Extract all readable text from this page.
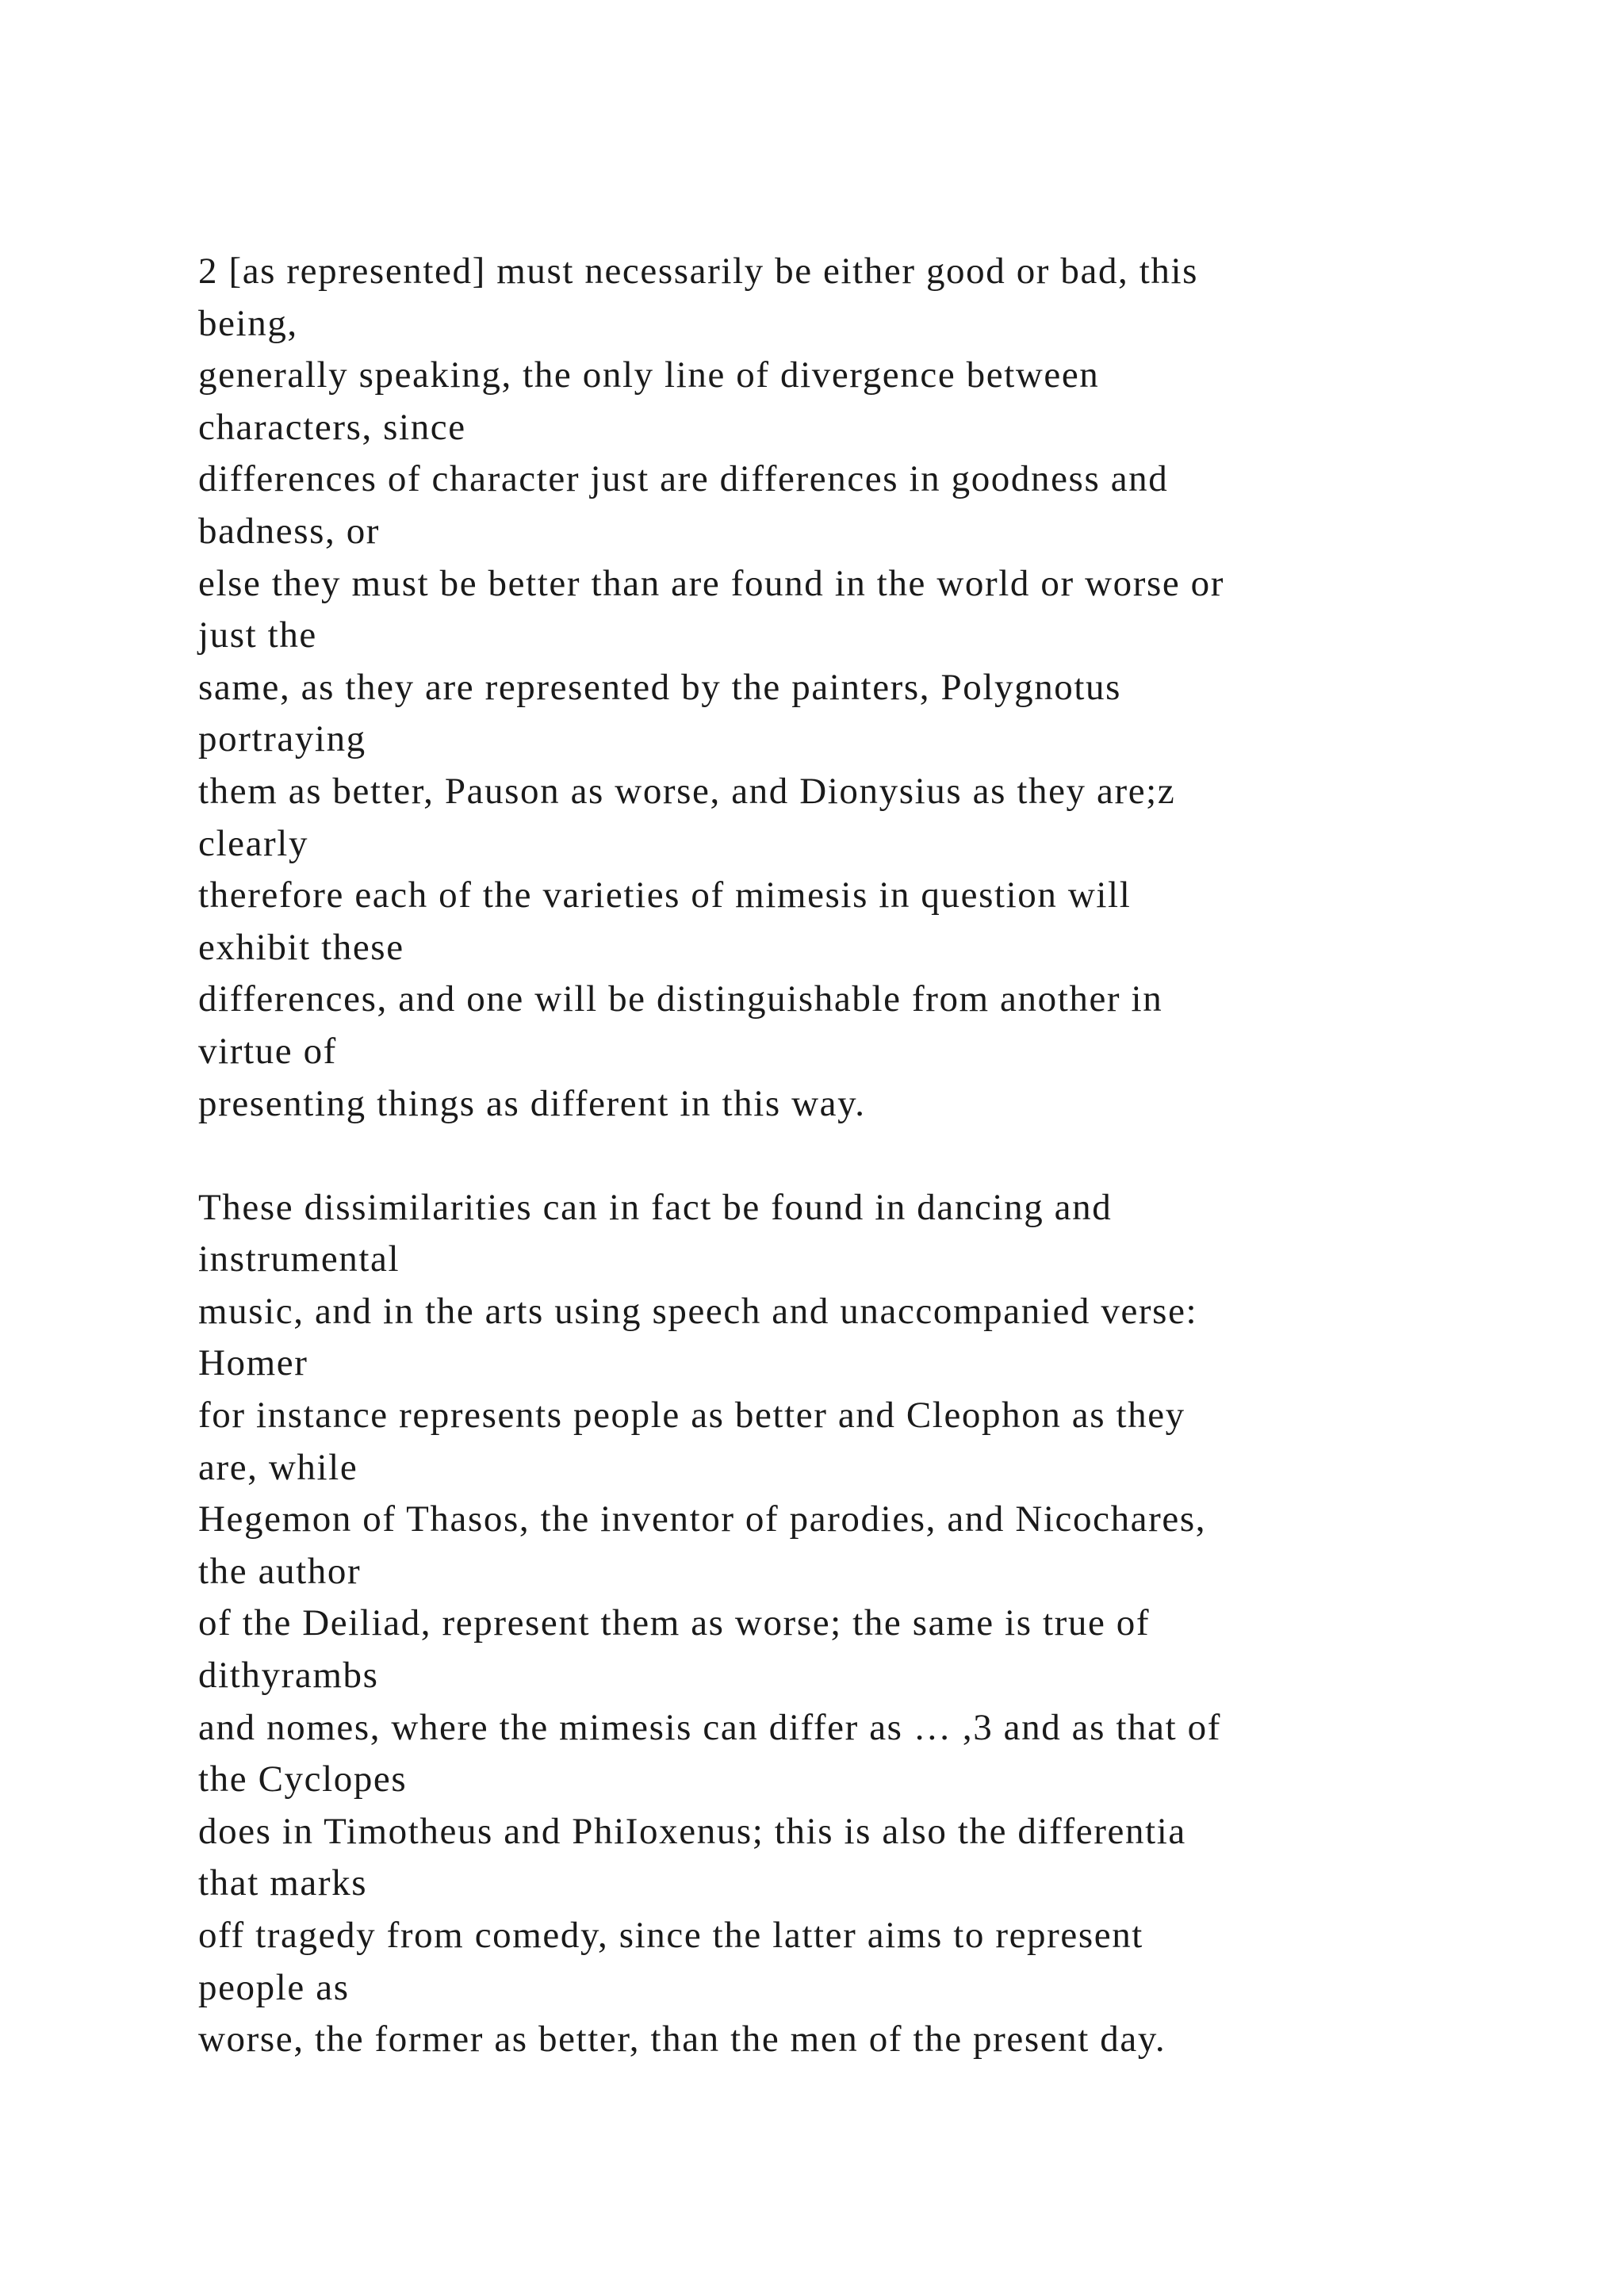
2 [as represented] must necessarily be either good or bad, this
being,
generally speaking, the only line of divergence between
characters, since
differences of character just are differences in goodness and
badness, or
else they must be better than are found in the world or worse or
just the
same, as they are represented by the painters, Polygnotus
portraying
them as better, Pauson as worse, and Dionysius as they are;z
clearly
therefore each of the varieties of mimesis in question will
exhibit these
differences, and one will be distinguishable from another in
virtue of
presenting things as different in this way.
These dissimilarities can in fact be found in dancing and
instrumental
music, and in the arts using speech and unaccompanied verse:
Homer
for instance represents people as better and Cleophon as they
are, while
Hegemon of Thasos, the inventor of parodies, and Nicochares,
the author
of the Deiliad, represent them as worse; the same is true of
dithyrambs
and nomes, where the mimesis can differ as … ,3 and as that of
the Cyclopes
does in Timotheus and PhiIoxenus; this is also the differentia
that marks
off tragedy from comedy, since the latter aims to represent
people as
worse, the former as better, than the men of the present day.
